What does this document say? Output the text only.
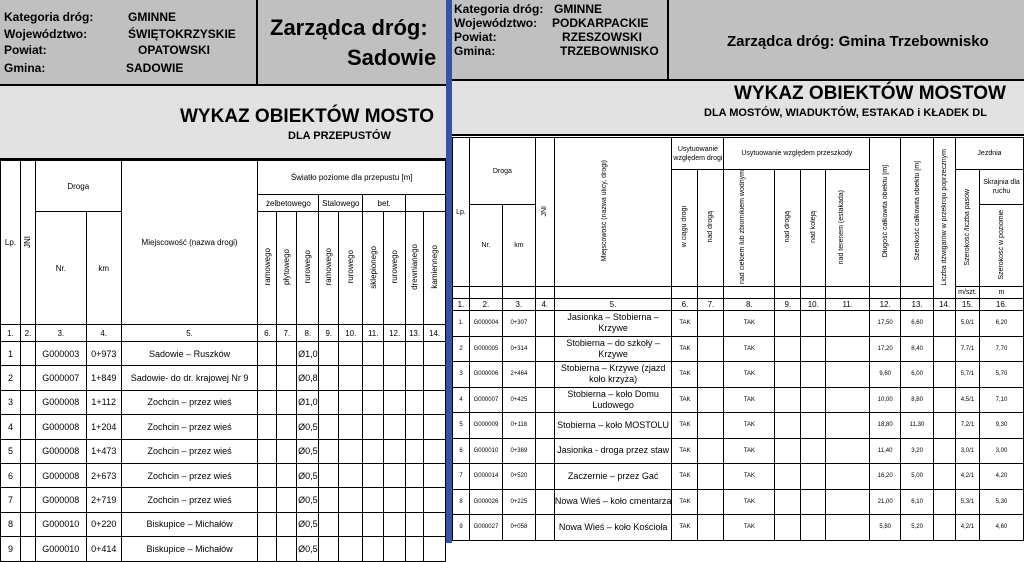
Kategoria dróg:	GMINNE
Województwo:	ŚWIĘTOKRZYSKIE
Powiat:	OPATOWSKI
Gmina:	SADOWIE
Zarządca dróg:
Sadowie
WYKAZ OBIEKTÓW MOSTO
DLA PRZEPUSTÓW
Lp.	JNI	Droga		Miejscowość (nazwa drogi)	Światło poziome dla przepustu [m]								
					żelbetowego			Stalowego		bet.			
		Nr.	km		ramowego	płytowego	rurowego	ramowego	rurowego	sklepionego	rurowego	drewnianego	kamiennego
1.	2.	3.	4.	5.	6.	7.	8.	9.	10.	11.	12.	13.	14.
1		G000003	0+973	Sadowie – Ruszków			Ø1,0						
2		G000007	1+849	Sadowie- do dr. krajowej Nr 9			Ø0,8						
3		G000008	1+112	Zochcin – przez wieś			Ø1,0						
4		G000008	1+204	Zochcin – przez wieś			Ø0,5						
5		G000008	1+473	Zochcin – przez wieś			Ø0,5						
6		G000008	2+673	Zochcin – przez wieś			Ø0,5						
7		G000008	2+719	Zochcin – przez wieś			Ø0,5						
8		G000010	0+220	Biskupice – Michałów			Ø0,5						
9		G000010	0+414	Biskupice – Michałów			Ø0,5						
Kategoria dróg: GMINNE
Województwo: PODKARPACKIE
Powiat:	RZESZOWSKI
Gmina:	TRZEBOWNISKO
Zarządca dróg: Gmina Trzebownisko
WYKAZ OBIEKTÓW MOSTOW
DLA MOSTÓW, WIADUKTÓW, ESTAKAD i KŁADEK DL
Lp.	Droga		JNI	Miejscowość (nazwa ulicy, drogi)	Usytuowanie względem drogi		Usytuowanie względem przeszkody				Długość całkowita obiektu [m]	Szerokość całkowita obiektu [m]	Liczba dźwigarów w przekroju poprzecznym	Jezdnia	
					w ciągu drogi	nad drogą	nad ciekiem lub zbiornikiem wodnym	nad drogą	nad koleją	nad terenem (estakada)				Szerokość /liczba pasów	Skrajnia dla ruchu
	Nr.	km													Szerokość w poziomie
														m/szt.	m
1.	2.	3.	4.	5.	6.	7.	8.	9.	10.	11.	12.	13.	14.	15.	16.
1.	G000004	0+307		Jasionka – Stobierna – Krzywe	TAK		TAK				17,50	6,60		5,0/1	6,20
2	G000005	0+314		Stobierna – do szkoły – Krzywe	TAK		TAK				17,20	8,40		7,7/1	7,70
3	G000006	2+464		Stobierna – Krzywe (zjazd koło krzyża)	TAK		TAK				9,60	6,00		5,7/1	5,70
4	G000007	0+425		Stobierna – koło Domu Ludowego	TAK		TAK				10,00	8,80		4,5/1	7,10
5	G000009	0+118		Stobierna – koło MOSTOLU	TAK		TAK				18,80	11,30		7,2/1	9,30
6	G000010	0+369		Jasionka - droga przez staw	TAK		TAK				11,40	3,20		3,0/1	3,00
7	G000014	0+520		Zaczernie – przez Gać	TAK		TAK				16,20	5,00		4,2/1	4,20
8	G000026	0+225		Nowa Wieś – koło cmentarza	TAK		TAK				21,00	6,10		5,3/1	5,30
9	G000027	0+058		Nowa Wieś – koło Kościoła	TAK		TAK				5,80	5,20		4,2/1	4,60
